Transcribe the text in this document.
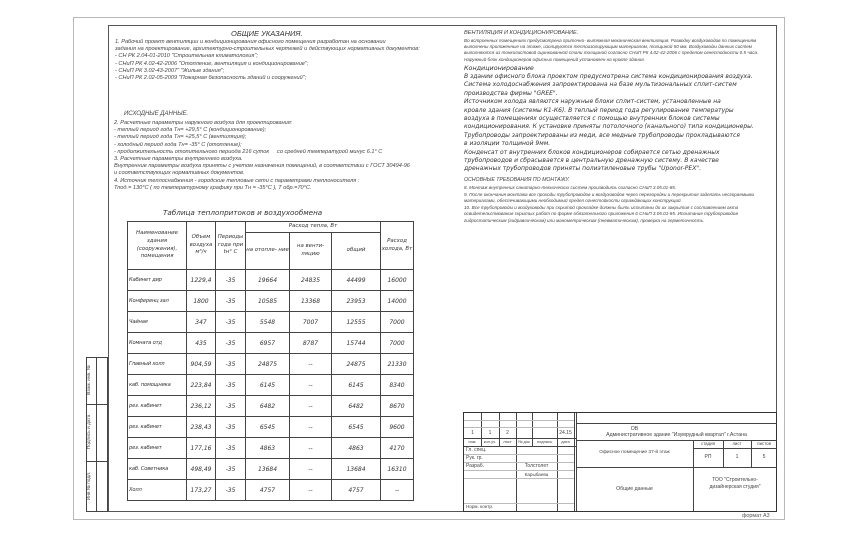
ОБЩИЕ УКАЗАНИЯ.
1. Рабочий проект вентиляции и кондиционирования офисного помещения разработан на основании
задания на проектирование, архитектурно-строительных чертежей и действующих нормативных документов:
- СН РК 2.04-01-2010 "Строительная климатология";
- СНиП РК 4.02-42-2006 "Отопление, вентиляция и кондиционирование";
- СНиП РК 3.02-43-2007" "Жилые здания";
- СНиП РК 2.02-05-2009 "Пожарная безопасность зданий и сооружений";
ИСХОДНЫЕ ДАННЫЕ.
2. Расчетные параметры наружного воздуха для проектирования:
- теплый период года Тн= +29,5° С (кондиционирование);
- теплый период года Тн= +25,5° С (вентиляция);
- холодный период года Тн= -35° С (отопление);
- продолжительность отопительного периода 216 суток со средней температурой минус 6.1° С
3. Расчетные параметры внутреннего воздуха.
Внутренние параметры воздуха приняты с учетом назначения помещений, в соответствии с ГОСТ 30494-96
и соответствующих нормативных документов.
4. Источник теплоснабжения - городские тепловые сети с параметрами теплоносителя :
Тпод.= 130°С ( по температурному графику при Тн = -35°С ), Т обр.=70°С.
Таблица теплопритоков и воздухообмена
Наименование здания (сооружения), помещения	Объем воздуха м³/ч	Периоды года при tн° С	Расход тепла, Вт			Расход холода, Вт
			на отопле- ние	на венти- ляцию	общий	
Кабинет дир	1229,4	-35	19664	24835	44499	16000
Конференц зал	1800	-35	10585	13368	23953	14000
Чайная	347	-35	5548	7007	12555	7000
Комната отд	435	-35	6957	8787	15744	7000
Главный холл	904,59	-35	24875	--	24875	21330
каб. помощника	223,84	-35	6145	--	6145	8340
рез. кабинет	236,12	-35	6482	--	6482	8670
рез. кабинет	238,43	-35	6545	--	6545	9600
рез. кабинет	177,16	-35	4863	--	4863	4170
каб. Советника	498,49	-35	13684	--	13684	16310
Холл	173,27	-35	4757	--	4757	--
ВЕНТИЛЯЦИЯ И КОНДИЦИОНИРОВАНИЕ.
Во встроенных помещениях предусмотрена приточно- вытяжная механическая вентиляция. Разводку воздуховодов по помещениям
выполнены проложенные на этаже, изолируются теплоизолирующим материалом, толщиной 50 мм. Воздуховоды данных систем
выполняются из тонколистовой оцинкованной стали толщиной согласно СНиП РК 4.02-42-2006 с пределом огнестойкости 0.5 часа.
Наружный блок кондиционеров офисных помещений установлен на кровле здания.
Кондиционирование
В здании офисного блока проектом предусмотрена система кондиционирования воздуха.
Система холодоснабжения запроектирована на базе мультизональных сплит-систем
производства фирмы "GREE".
Источником холода являются наружные блоки сплит-систем, установленные на
кровле здания (системы К1-К6). В теплый период года регулирование температуры
воздуха в помещениях осуществляется с помощью внутренних блоков системы
кондиционирования. К установке приняты потолочного (канального) типа кондиционеры.
Трубопроводы запроектированы из меди, все медные трубопроводы прокладываются
в изоляции толщиной 9мм.
Конденсат от внутренних блоков кондиционеров собирается сетью дренажных
трубопроводов и сбрасывается в центральную дренажную систему. В качестве
дренажных трубопроводов приняты полиэтиленовые трубы "Uponor-PEX".
ОСНОВНЫЕ ТРЕБОВАНИЯ ПО МОНТАЖУ.
8. Монтаж внутренних санитарно-технических систем производить согласно СНиП 3.05.01-85.
9. После окончания монтажа все проходы трубопроводов и воздуховодов через перегородки и перекрытия заделать несгораемыми
материалами, обеспечивающими необходимый предел огнестойкости ограждающих конструкций.
10. Все трубопроводы и воздуховоды при скрытой прокладке должны быть испытаны до их закрытия с составлением акта
освидетельствования скрытых работ по форме обязательного приложения 6 СНиП 3.05.01-85. Испытание трубопроводов
гидростатическим (гидравлическим) или манометрическим (пневматическим), проверка на герметичность.
Взам. инв. №
Подпись и дата
Инв № подл.
1	1	2	24.15
изм.	кол.уч.	лист	№ док	подпись	дата
Гл. спец.
Рук. гр.
Разраб.
Норм. контр.
Толстолет
Карыбаева
ОВ
Административное здание "Изумрудный квартал" г.Астана
Офисное помещение 37-й этаж
Общие данные
стадия	лист	листов
РП	1	5
ТОО "Строительно-
дизайнерская студия"
формат А3
